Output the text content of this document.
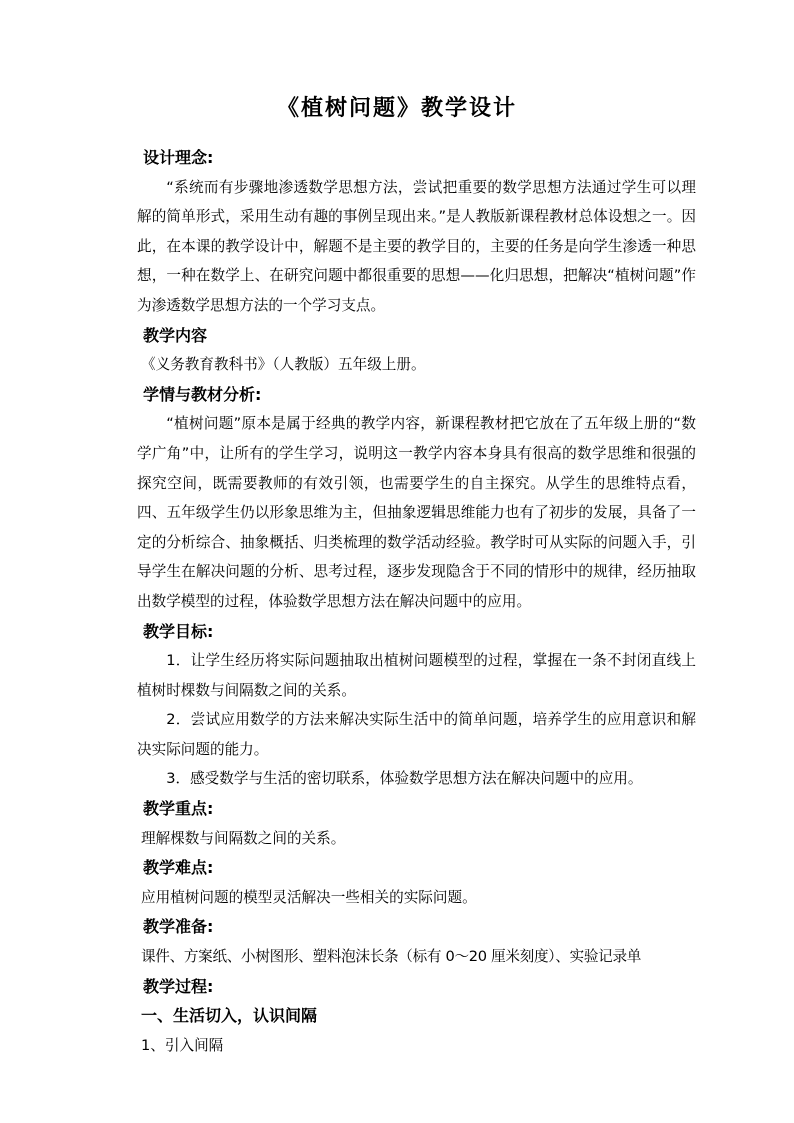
《植树问题》教学设计

设计理念:

“系统而有步骤地渗透数学思想方法，尝试把重要的数学思想方法通过学生可以理解的简单形式，采用生动有趣的事例呈现出来。”是人教版新课程教材总体设想之一。因此，在本课的教学设计中，解题不是主要的教学目的，主要的任务是向学生渗透一种思想，一种在数学上、在研究问题中都很重要的思想——化归思想，把解决“植树问题”作为渗透数学思想方法的一个学习支点。

教学内容

《义务教育教科书》（人教版）五年级上册。

学情与教材分析:

“植树问题”原本是属于经典的教学内容，新课程教材把它放在了五年级上册的“数学广角”中，让所有的学生学习，说明这一教学内容本身具有很高的数学思维和很强的探究空间，既需要教师的有效引领，也需要学生的自主探究。从学生的思维特点看，四、五年级学生仍以形象思维为主，但抽象逻辑思维能力也有了初步的发展，具备了一定的分析综合、抽象概括、归类梳理的数学活动经验。教学时可从实际的问题入手，引导学生在解决问题的分析、思考过程，逐步发现隐含于不同的情形中的规律，经历抽取出数学模型的过程，体验数学思想方法在解决问题中的应用。

教学目标:

1．让学生经历将实际问题抽取出植树问题模型的过程，掌握在一条不封闭直线上植树时棵数与间隔数之间的关系。

2．尝试应用数学的方法来解决实际生活中的简单问题，培养学生的应用意识和解决实际问题的能力。

3．感受数学与生活的密切联系，体验数学思想方法在解决问题中的应用。

教学重点:

理解棵数与间隔数之间的关系。

教学难点:

应用植树问题的模型灵活解决一些相关的实际问题。

教学准备:

课件、方案纸、小树图形、塑料泡沫长条（标有 0～20 厘米刻度）、实验记录单

教学过程:

一、生活切入，认识间隔

1、引入间隔
